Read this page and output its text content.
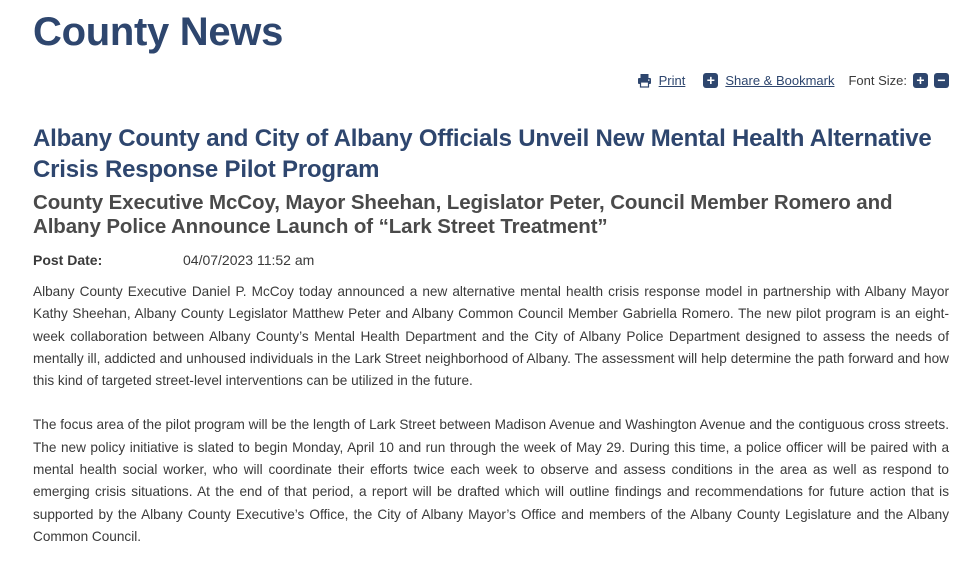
County News
Print + Share & Bookmark Font Size: + −
Albany County and City of Albany Officials Unveil New Mental Health Alternative Crisis Response Pilot Program
County Executive McCoy, Mayor Sheehan, Legislator Peter, Council Member Romero and Albany Police Announce Launch of “Lark Street Treatment”
Post Date:	04/07/2023 11:52 am

Albany County Executive Daniel P. McCoy today announced a new alternative mental health crisis response model in partnership with Albany Mayor Kathy Sheehan, Albany County Legislator Matthew Peter and Albany Common Council Member Gabriella Romero. The new pilot program is an eight-week collaboration between Albany County’s Mental Health Department and the City of Albany Police Department designed to assess the needs of mentally ill, addicted and unhoused individuals in the Lark Street neighborhood of Albany. The assessment will help determine the path forward and how this kind of targeted street-level interventions can be utilized in the future.

The focus area of the pilot program will be the length of Lark Street between Madison Avenue and Washington Avenue and the contiguous cross streets. The new policy initiative is slated to begin Monday, April 10 and run through the week of May 29. During this time, a police officer will be paired with a mental health social worker, who will coordinate their efforts twice each week to observe and assess conditions in the area as well as respond to emerging crisis situations. At the end of that period, a report will be drafted which will outline findings and recommendations for future action that is supported by the Albany County Executive’s Office, the City of Albany Mayor’s Office and members of the Albany County Legislature and the Albany Common Council.
